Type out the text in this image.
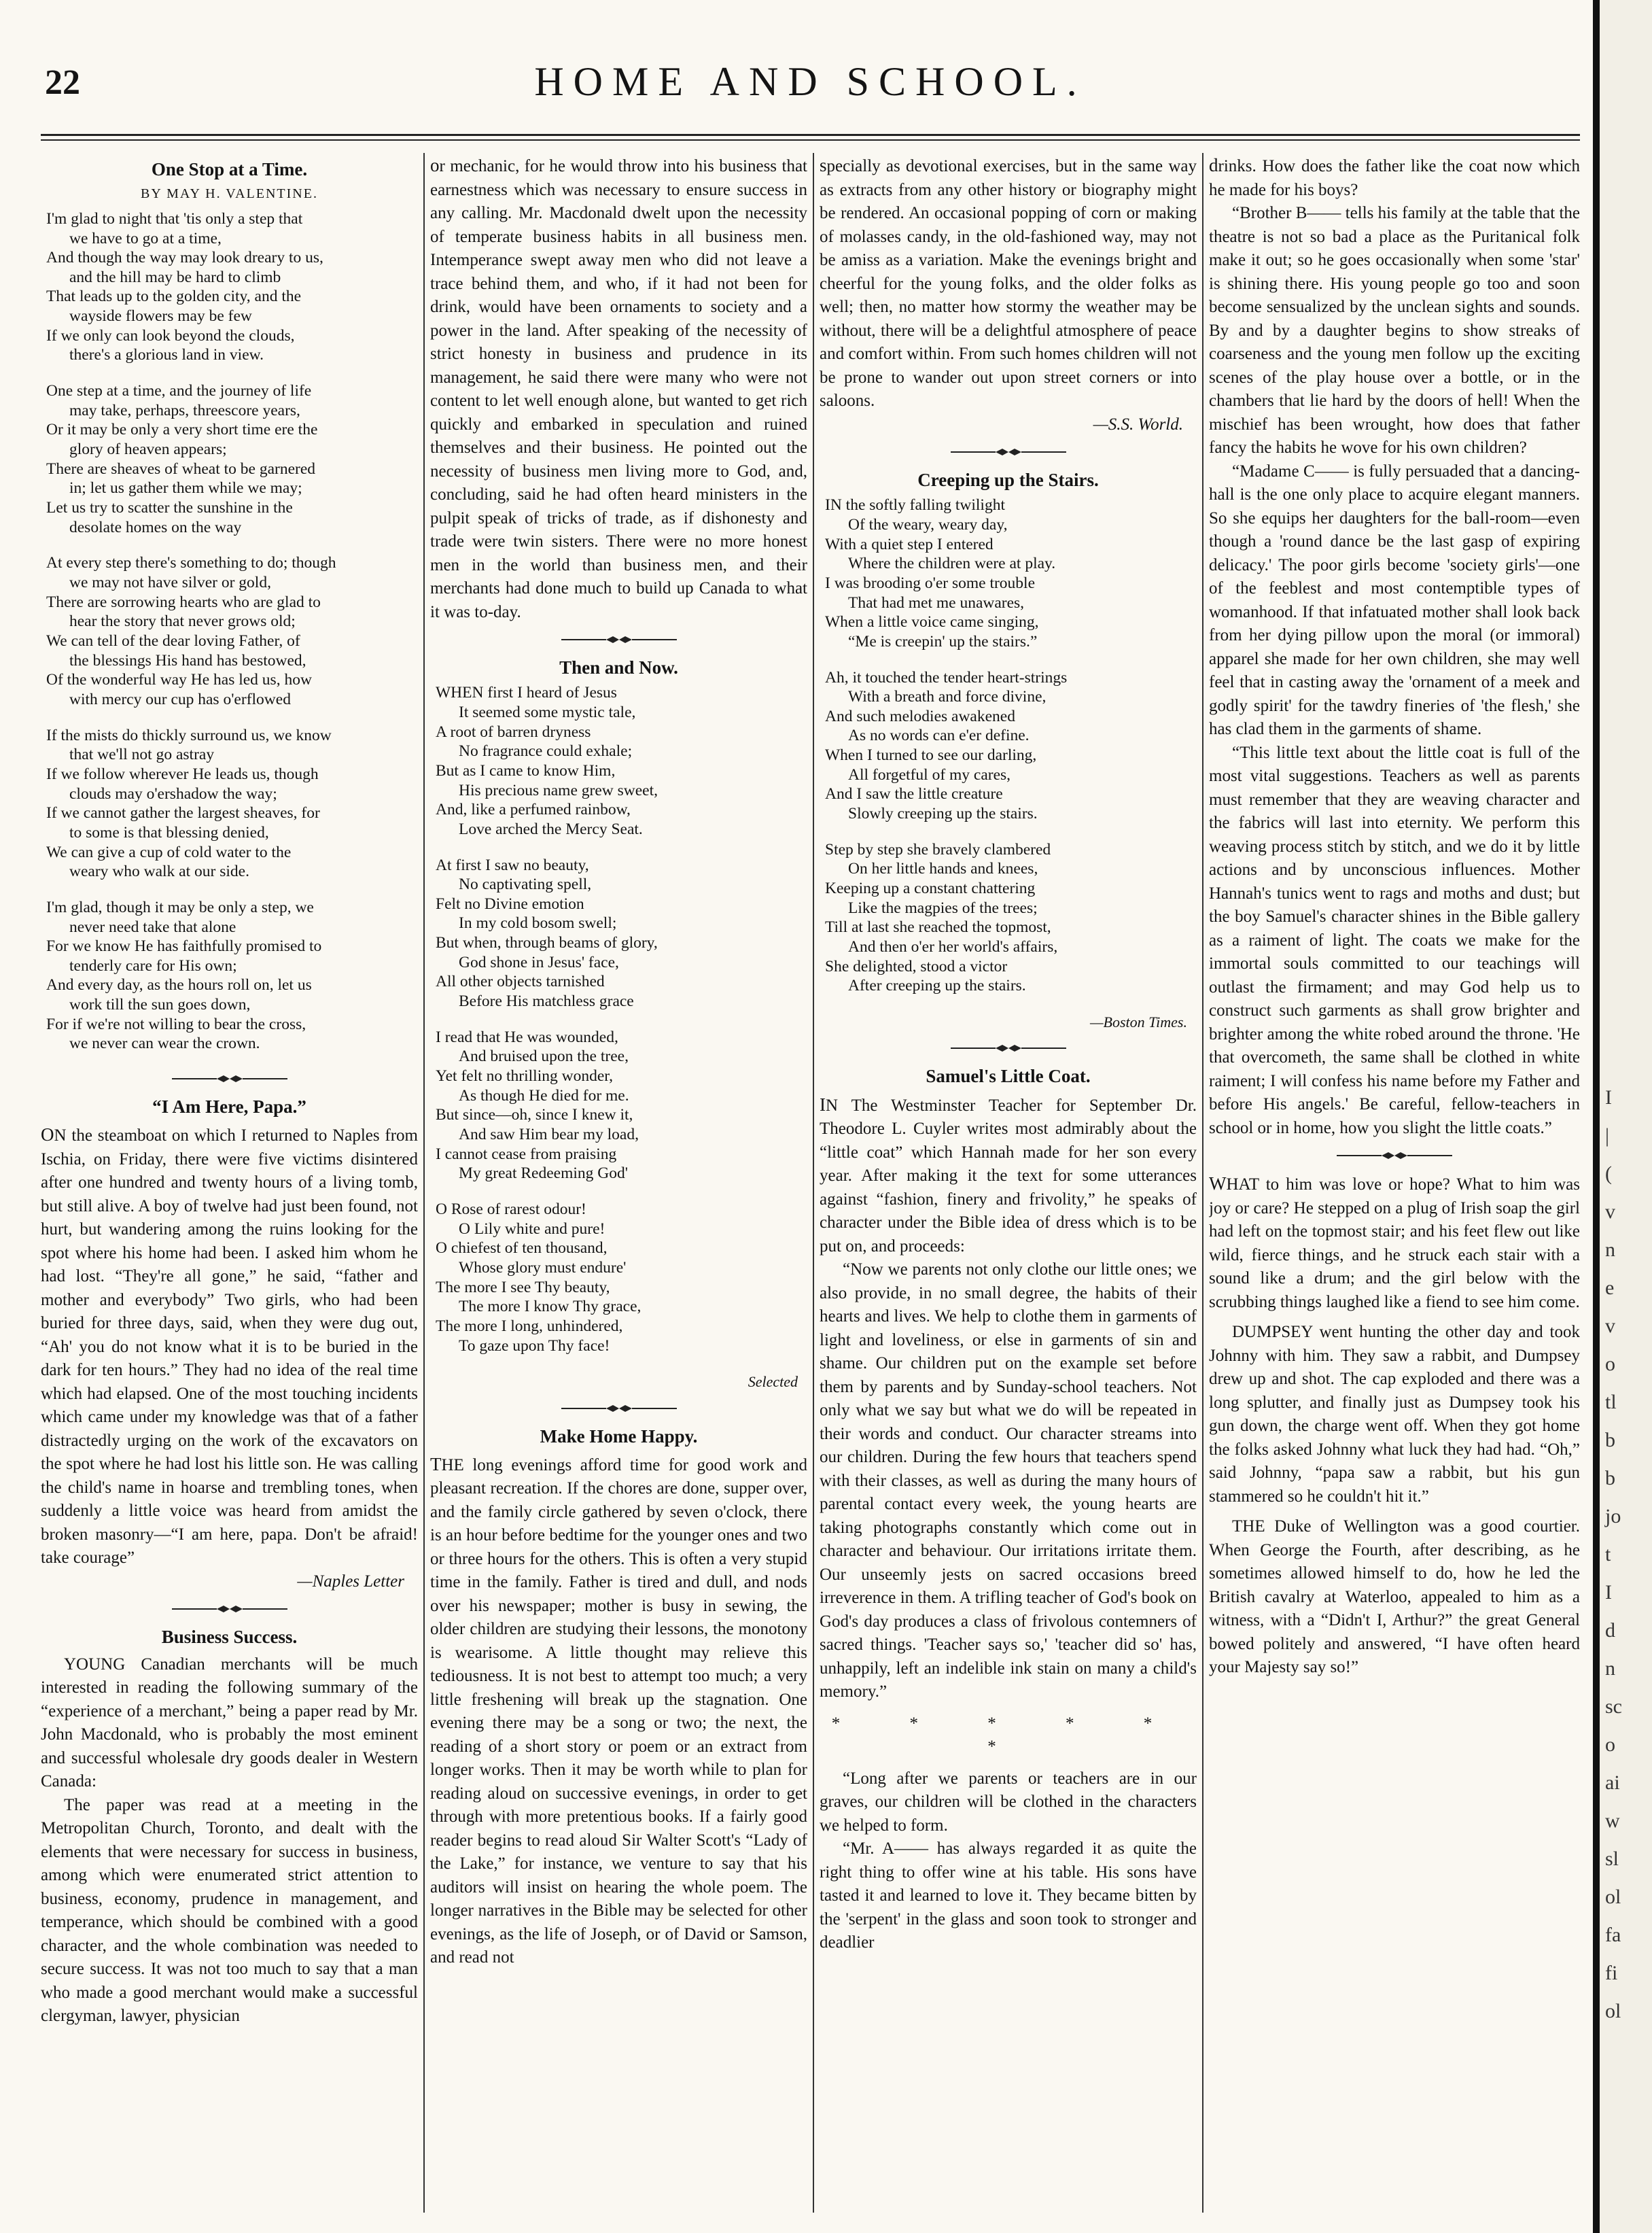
I
|
(
v
n
e
v
o
tl
b
b
jo
t
I
d
n
sc
o
ai
w
sl
ol
fa
fi
ol
22	HOME AND SCHOOL.
One Stop at a Time.
BY MAY H. VALENTINE.
I'm glad to night that 'tis only a step that
we have to go at a time,
And though the way may look dreary to us,
and the hill may be hard to climb
That leads up to the golden city, and the
wayside flowers may be few
If we only can look beyond the clouds,
there's a glorious land in view.
One step at a time, and the journey of life
may take, perhaps, threescore years,
Or it may be only a very short time ere the
glory of heaven appears;
There are sheaves of wheat to be garnered
in; let us gather them while we may;
Let us try to scatter the sunshine in the
desolate homes on the way
At every step there's something to do; though
we may not have silver or gold,
There are sorrowing hearts who are glad to
hear the story that never grows old;
We can tell of the dear loving Father, of
the blessings His hand has bestowed,
Of the wonderful way He has led us, how
with mercy our cup has o'erflowed
If the mists do thickly surround us, we know
that we'll not go astray
If we follow wherever He leads us, though
clouds may o'ershadow the way;
If we cannot gather the largest sheaves, for
to some is that blessing denied,
We can give a cup of cold water to the
weary who walk at our side.
I'm glad, though it may be only a step, we
never need take that alone
For we know He has faithfully promised to
tenderly care for His own;
And every day, as the hours roll on, let us
work till the sun goes down,
For if we're not willing to bear the cross,
we never can wear the crown.
“I Am Here, Papa.”

ON the steamboat on which I returned to Naples from Ischia, on Friday, there were five victims disintered after one hundred and twenty hours of a living tomb, but still alive. A boy of twelve had just been found, not hurt, but wandering among the ruins looking for the spot where his home had been. I asked him whom he had lost. “They're all gone,” he said, “father and mother and everybody” Two girls, who had been buried for three days, said, when they were dug out, “Ah' you do not know what it is to be buried in the dark for ten hours.” They had no idea of the real time which had elapsed. One of the most touching incidents which came under my knowledge was that of a father distractedly urging on the work of the excavators on the spot where he had lost his little son. He was calling the child's name in hoarse and trembling tones, when suddenly a little voice was heard from amidst the broken masonry—“I am here, papa. Don't be afraid! take courage”

—Naples Letter
Business Success.

YOUNG Canadian merchants will be much interested in reading the following summary of the “experience of a merchant,” being a paper read by Mr. John Macdonald, who is probably the most eminent and successful wholesale dry goods dealer in Western Canada:

The paper was read at a meeting in the Metropolitan Church, Toronto, and dealt with the elements that were necessary for success in business, among which were enumerated strict attention to business, economy, prudence in management, and temperance, which should be combined with a good character, and the whole combination was needed to secure success. It was not too much to say that a man who made a good merchant would make a successful clergyman, lawyer, physician

or mechanic, for he would throw into his business that earnestness which was necessary to ensure success in any calling. Mr. Macdonald dwelt upon the necessity of temperate business habits in all business men. Intemperance swept away men who did not leave a trace behind them, and who, if it had not been for drink, would have been ornaments to society and a power in the land. After speaking of the necessity of strict honesty in business and prudence in its management, he said there were many who were not content to let well enough alone, but wanted to get rich quickly and embarked in speculation and ruined themselves and their business. He pointed out the necessity of business men living more to God, and, concluding, said he had often heard ministers in the pulpit speak of tricks of trade, as if dishonesty and trade were twin sisters. There were no more honest men in the world than business men, and their merchants had done much to build up Canada to what it was to-day.

Then and Now.
WHEN first I heard of Jesus
It seemed some mystic tale,
A root of barren dryness
No fragrance could exhale;
But as I came to know Him,
His precious name grew sweet,
And, like a perfumed rainbow,
Love arched the Mercy Seat.
At first I saw no beauty,
No captivating spell,
Felt no Divine emotion
In my cold bosom swell;
But when, through beams of glory,
God shone in Jesus' face,
All other objects tarnished
Before His matchless grace
I read that He was wounded,
And bruised upon the tree,
Yet felt no thrilling wonder,
As though He died for me.
But since—oh, since I knew it,
And saw Him bear my load,
I cannot cease from praising
My great Redeeming God'
O Rose of rarest odour!
O Lily white and pure!
O chiefest of ten thousand,
Whose glory must endure'
The more I see Thy beauty,
The more I know Thy grace,
The more I long, unhindered,
To gaze upon Thy face!
Selected
Make Home Happy.

THE long evenings afford time for good work and pleasant recreation. If the chores are done, supper over, and the family circle gathered by seven o'clock, there is an hour before bedtime for the younger ones and two or three hours for the others. This is often a very stupid time in the family. Father is tired and dull, and nods over his newspaper; mother is busy in sewing, the older children are studying their lessons, the monotony is wearisome. A little thought may relieve this tediousness. It is not best to attempt too much; a very little freshening will break up the stagnation. One evening there may be a song or two; the next, the reading of a short story or poem or an extract from longer works. Then it may be worth while to plan for reading aloud on successive evenings, in order to get through with more pretentious books. If a fairly good reader begins to read aloud Sir Walter Scott's “Lady of the Lake,” for instance, we venture to say that his auditors will insist on hearing the whole poem. The longer narratives in the Bible may be selected for other evenings, as the life of Joseph, or of David or Samson, and read not

specially as devotional exercises, but in the same way as extracts from any other history or biography might be rendered. An occasional popping of corn or making of molasses candy, in the old-fashioned way, may not be amiss as a variation. Make the evenings bright and cheerful for the young folks, and the older folks as well; then, no matter how stormy the weather may be without, there will be a delightful atmosphere of peace and comfort within. From such homes children will not be prone to wander out upon street corners or into saloons.

—S.S. World.
Creeping up the Stairs.
IN the softly falling twilight
Of the weary, weary day,
With a quiet step I entered
Where the children were at play.
I was brooding o'er some trouble
That had met me unawares,
When a little voice came singing,
“Me is creepin' up the stairs.”
Ah, it touched the tender heart-strings
With a breath and force divine,
And such melodies awakened
As no words can e'er define.
When I turned to see our darling,
All forgetful of my cares,
And I saw the little creature
Slowly creeping up the stairs.
Step by step she bravely clambered
On her little hands and knees,
Keeping up a constant chattering
Like the magpies of the trees;
Till at last she reached the topmost,
And then o'er her world's affairs,
She delighted, stood a victor
After creeping up the stairs.
—Boston Times.
Samuel's Little Coat.

IN The Westminster Teacher for September Dr. Theodore L. Cuyler writes most admirably about the “little coat” which Hannah made for her son every year. After making it the text for some utterances against “fashion, finery and frivolity,” he speaks of character under the Bible idea of dress which is to be put on, and proceeds:

“Now we parents not only clothe our little ones; we also provide, in no small degree, the habits of their hearts and lives. We help to clothe them in garments of light and loveliness, or else in garments of sin and shame. Our children put on the example set before them by parents and by Sunday-school teachers. Not only what we say but what we do will be repeated in their words and conduct. Our character streams into our children. During the few hours that teachers spend with their classes, as well as during the many hours of parental contact every week, the young hearts are taking photographs constantly which come out in character and behaviour. Our irritations irritate them. Our unseemly jests on sacred occasions breed irreverence in them. A trifling teacher of God's book on God's day produces a class of frivolous contemners of sacred things. 'Teacher says so,' 'teacher did so' has, unhappily, left an indelible ink stain on many a child's memory.”

* * * * * *

“Long after we parents or teachers are in our graves, our children will be clothed in the characters we helped to form.

“Mr. A—— has always regarded it as quite the right thing to offer wine at his table. His sons have tasted it and learned to love it. They became bitten by the 'serpent' in the glass and soon took to stronger and deadlier

drinks. How does the father like the coat now which he made for his boys?

“Brother B—— tells his family at the table that the theatre is not so bad a place as the Puritanical folk make it out; so he goes occasionally when some 'star' is shining there. His young people go too and soon become sensualized by the unclean sights and sounds. By and by a daughter begins to show streaks of coarseness and the young men follow up the exciting scenes of the play house over a bottle, or in the chambers that lie hard by the doors of hell! When the mischief has been wrought, how does that father fancy the habits he wove for his own children?

“Madame C—— is fully persuaded that a dancing-hall is the one only place to acquire elegant manners. So she equips her daughters for the ball-room—even though a 'round dance be the last gasp of expiring delicacy.' The poor girls become 'society girls'—one of the feeblest and most contemptible types of womanhood. If that infatuated mother shall look back from her dying pillow upon the moral (or immoral) apparel she made for her own children, she may well feel that in casting away the 'ornament of a meek and godly spirit' for the tawdry fineries of 'the flesh,' she has clad them in the garments of shame.

“This little text about the little coat is full of the most vital suggestions. Teachers as well as parents must remember that they are weaving character and the fabrics will last into eternity. We perform this weaving process stitch by stitch, and we do it by little actions and by unconscious influences. Mother Hannah's tunics went to rags and moths and dust; but the boy Samuel's character shines in the Bible gallery as a raiment of light. The coats we make for the immortal souls committed to our teachings will outlast the firmament; and may God help us to construct such garments as shall grow brighter and brighter among the white robed around the throne. 'He that overcometh, the same shall be clothed in white raiment; I will confess his name before my Father and before His angels.' Be careful, fellow-teachers in school or in home, how you slight the little coats.”

WHAT to him was love or hope? What to him was joy or care? He stepped on a plug of Irish soap the girl had left on the topmost stair; and his feet flew out like wild, fierce things, and he struck each stair with a sound like a drum; and the girl below with the scrubbing things laughed like a fiend to see him come.

DUMPSEY went hunting the other day and took Johnny with him. They saw a rabbit, and Dumpsey drew up and shot. The cap exploded and there was a long splutter, and finally just as Dumpsey took his gun down, the charge went off. When they got home the folks asked Johnny what luck they had had. “Oh,” said Johnny, “papa saw a rabbit, but his gun stammered so he couldn't hit it.”

THE Duke of Wellington was a good courtier. When George the Fourth, after describing, as he sometimes allowed himself to do, how he led the British cavalry at Waterloo, appealed to him as a witness, with a “Didn't I, Arthur?” the great General bowed politely and answered, “I have often heard your Majesty say so!”
